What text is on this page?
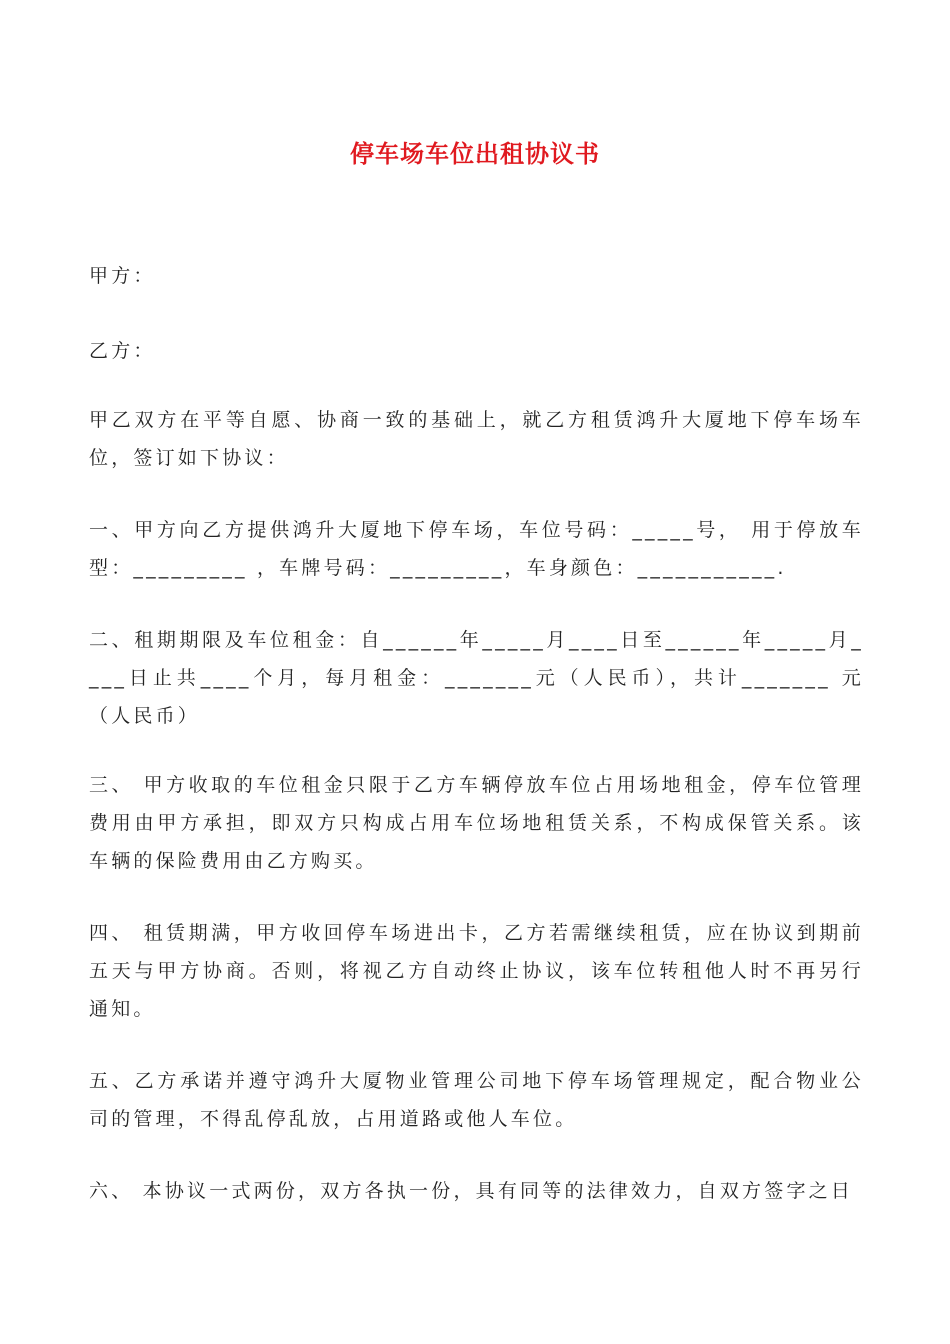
停车场车位出租协议书

甲方：

乙方：

甲乙双方在平等自愿、协商一致的基础上，就乙方租赁鸿升大厦地下停车场车位，签订如下协议：

一、甲方向乙方提供鸿升大厦地下停车场，车位号码：_____号， 用于停放车型：_________ ，车牌号码：_________，车身颜色：___________.

二、租期期限及车位租金：自______年_____月____日至______年_____月____日止共____个月，每月租金：_______元（人民币），共计_______ 元（人民币）

三、 甲方收取的车位租金只限于乙方车辆停放车位占用场地租金，停车位管理费用由甲方承担，即双方只构成占用车位场地租赁关系，不构成保管关系。该车辆的保险费用由乙方购买。

四、 租赁期满，甲方收回停车场进出卡，乙方若需继续租赁，应在协议到期前五天与甲方协商。否则，将视乙方自动终止协议，该车位转租他人时不再另行通知。

五、乙方承诺并遵守鸿升大厦物业管理公司地下停车场管理规定，配合物业公司的管理，不得乱停乱放，占用道路或他人车位。

六、 本协议一式两份，双方各执一份，具有同等的法律效力，自双方签字之日
